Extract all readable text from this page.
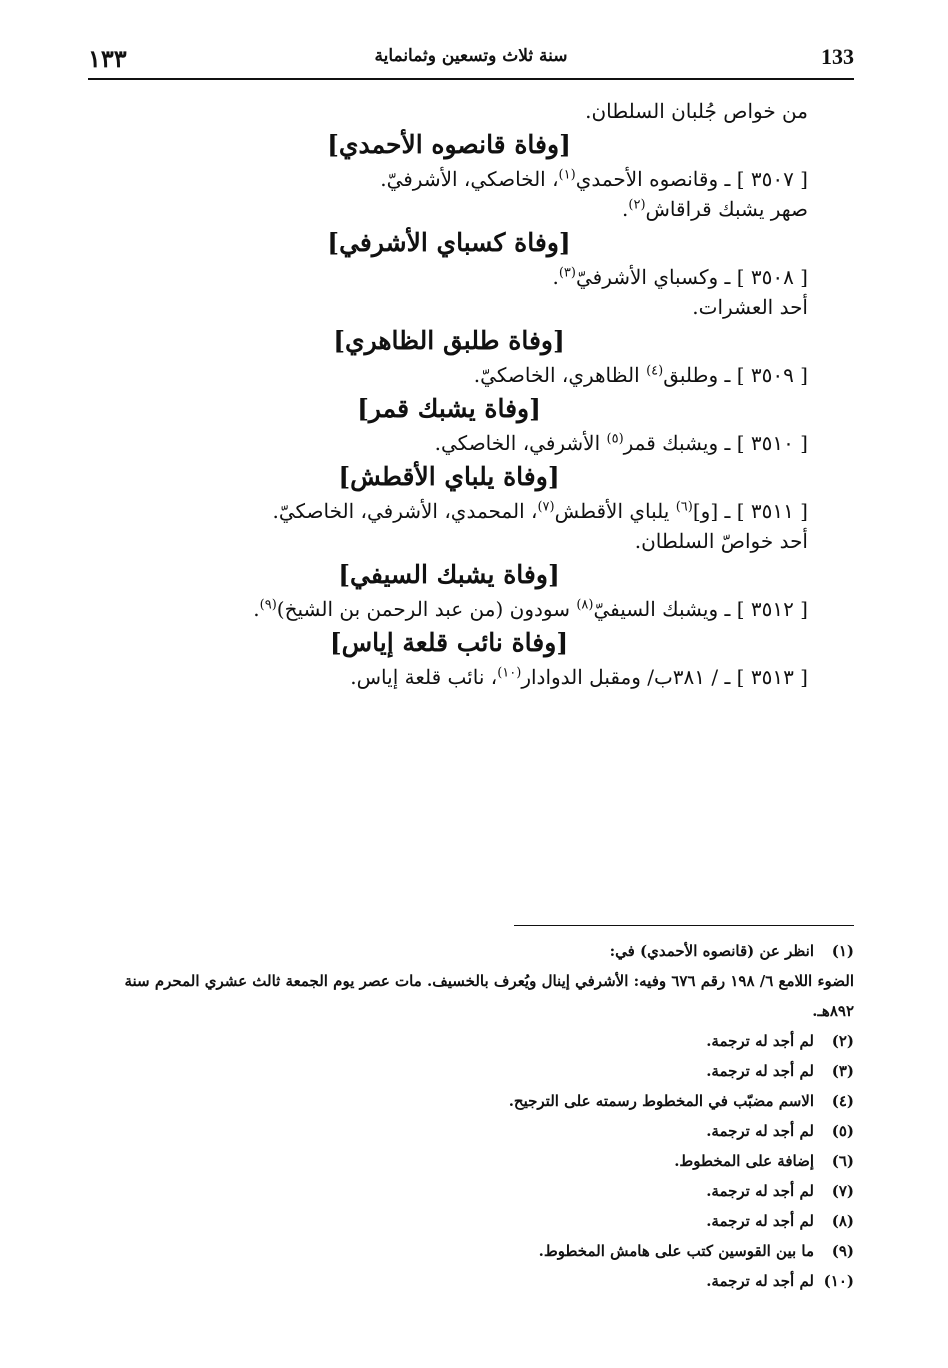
١٣٣	سنة ثلاث وتسعين وثمانماية	133
من خواص جُلبان السلطان.
[وفاة قانصوه الأحمدي]
[ ٣٥٠٧ ] ـ وقانصوه الأحمدي$^{(١)}$، الخاصكي، الأشرفيّ.
صهر يشبك قراقاش$^{(٢)}$.
[وفاة كسباي الأشرفي]
[ ٣٥٠٨ ] ـ وكسباي الأشرفيّ$^{(٣)}$.
أحد العشرات.
[وفاة طلبق الظاهري]
[ ٣٥٠٩ ] ـ وطلبق$^{(٤)}$ الظاهري، الخاصكيّ.
[وفاة يشبك قمر]
[ ٣٥١٠ ] ـ ويشبك قمر$^{(٥)}$ الأشرفي، الخاصكي.
[وفاة يلباي الأقطش]
[ ٣٥١١ ] ـ [و]$^{(٦)}$ يلباي الأقطش$^{(٧)}$، المحمدي، الأشرفي، الخاصكيّ.
أحد خواصّ السلطان.
[وفاة يشبك السيفي]
[ ٣٥١٢ ] ـ ويشبك السيفيّ$^{(٨)}$ سودون (من عبد الرحمن بن الشيخ)$^{(٩)}$.
[وفاة نائب قلعة إياس]
[ ٣٥١٣ ] ـ / ٣٨١ب/ ومقبل الدوادار$^{(١٠)}$، نائب قلعة إياس.
(١)انظر عن (قانصوه الأحمدي) في:
الضوء اللامع ٦/ ١٩٨ رقم ٦٧٦ وفيه: الأشرفي إينال ويُعرف بالخسيف. مات عصر يوم الجمعة ثالث عشري المحرم سنة ٨٩٢هـ.
(٢)لم أجد له ترجمة.
(٣)لم أجد له ترجمة.
(٤)الاسم مضبّب في المخطوط رسمته على الترجيح.
(٥)لم أجد له ترجمة.
(٦)إضافة على المخطوط.
(٧)لم أجد له ترجمة.
(٨)لم أجد له ترجمة.
(٩)ما بين القوسين كتب على هامش المخطوط.
(١٠)لم أجد له ترجمة.
